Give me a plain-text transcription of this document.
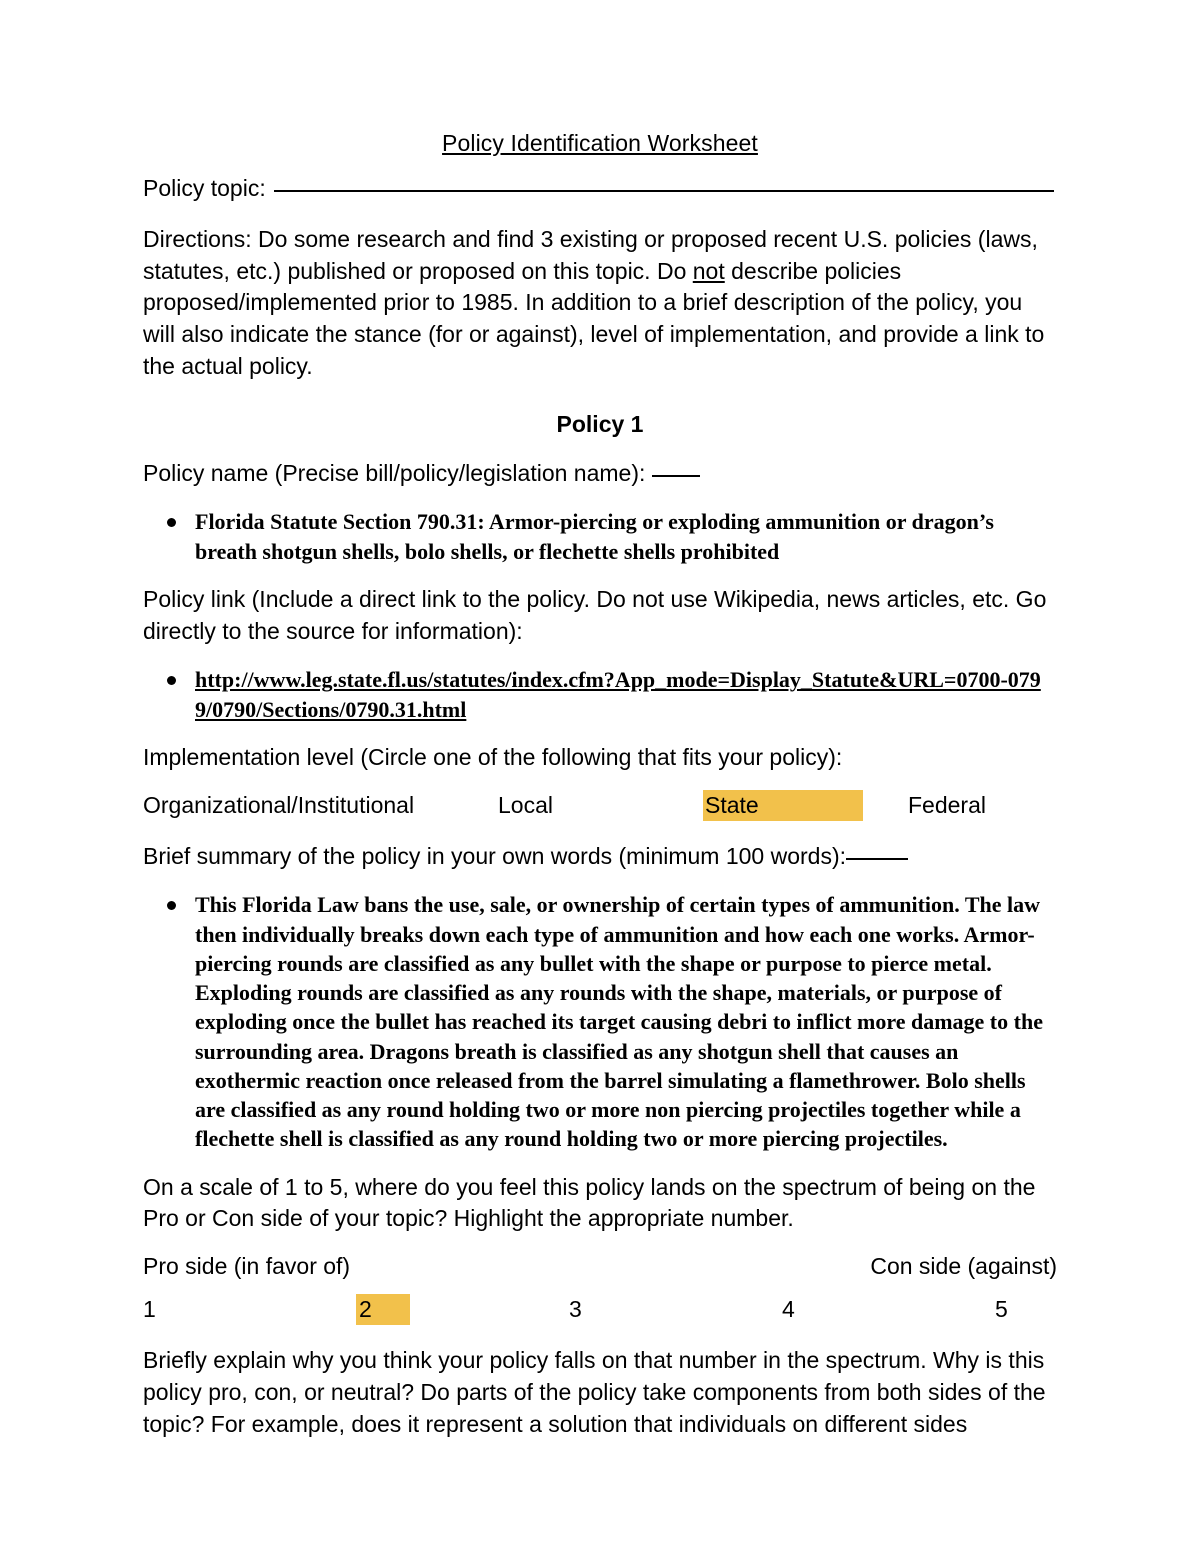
Policy Identification Worksheet
Policy topic:

Directions: Do some research and find 3 existing or proposed recent U.S. policies (laws, statutes, etc.) published or proposed on this topic. Do not describe policies proposed/implemented prior to 1985. In addition to a brief description of the policy, you will also indicate the stance (for or against), level of implementation, and provide a link to the actual policy.

Policy 1

Policy name (Precise bill/policy/legislation name):

Florida Statute Section 790.31: Armor-piercing or exploding ammunition or dragon’s breath shotgun shells, bolo shells, or flechette shells prohibited

Policy link (Include a direct link to the policy. Do not use Wikipedia, news articles, etc. Go directly to the source for information):

http://www.leg.state.fl.us/statutes/index.cfm?App_mode=Display_Statute&URL=0700-0799/0790/Sections/0790.31.html

Implementation level (Circle one of the following that fits your policy):

Organizational/Institutional	Local	State	Federal

Brief summary of the policy in your own words (minimum 100 words):

This Florida Law bans the use, sale, or ownership of certain types of ammunition. The law then individually breaks down each type of ammunition and how each one works. Armor-piercing rounds are classified as any bullet with the shape or purpose to pierce metal. Exploding rounds are classified as any rounds with the shape, materials, or purpose of exploding once the bullet has reached its target causing debri to inflict more damage to the surrounding area. Dragons breath is classified as any shotgun shell that causes an exothermic reaction once released from the barrel simulating a flamethrower. Bolo shells are classified as any round holding two or more non piercing projectiles together while a flechette shell is classified as any round holding two or more piercing projectiles.

On a scale of 1 to 5, where do you feel this policy lands on the spectrum of being on the Pro or Con side of your topic? Highlight the appropriate number.

Pro side (in favor of)	Con side (against)
1	2	3	4	5

Briefly explain why you think your policy falls on that number in the spectrum. Why is this policy pro, con, or neutral? Do parts of the policy take components from both sides of the topic? For example, does it represent a solution that individuals on different sides
